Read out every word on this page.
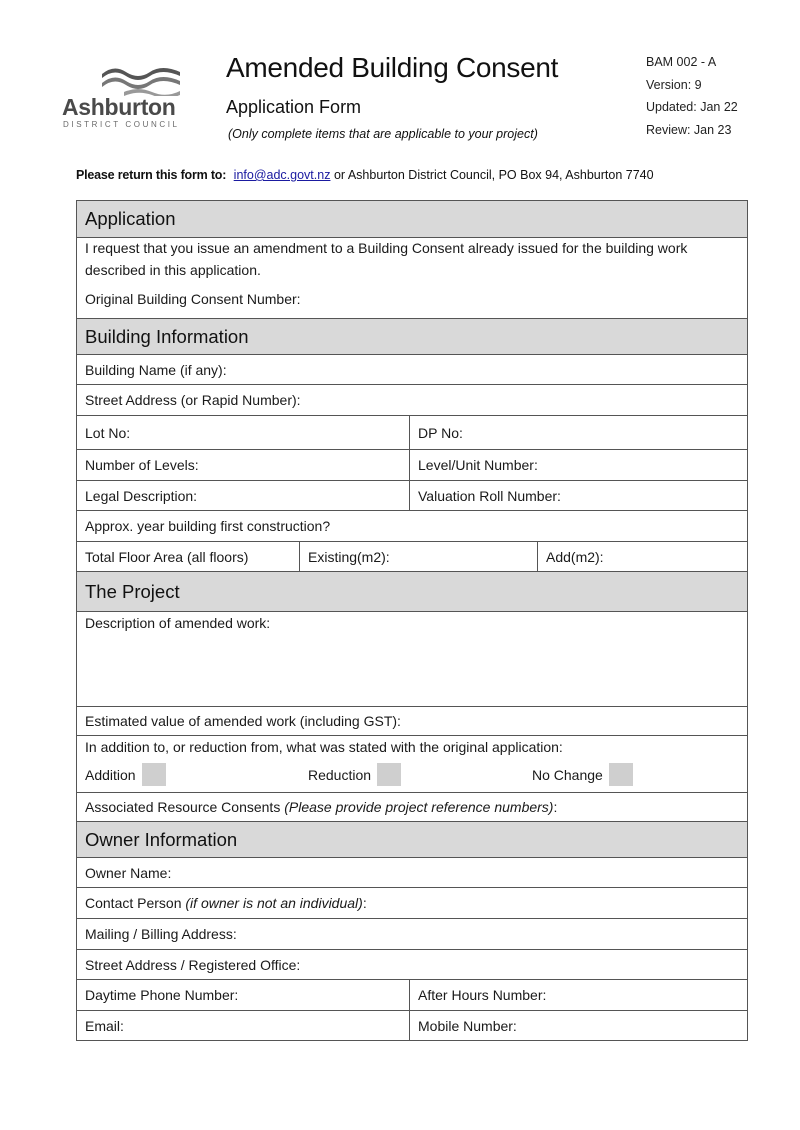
Ashburton
DISTRICT COUNCIL
Amended Building Consent
Application Form
(Only complete items that are applicable to your project)
BAM 002 - A
Version: 9
Updated: Jan 22
Review: Jan 23
Please return this form to: info@adc.govt.nz or Ashburton District Council, PO Box 94, Ashburton 7740
Application

I request that you issue an amendment to a Building Consent already issued for the building work described in this application.

Original Building Consent Number:

Building Information
Building Name (if any):
Street Address (or Rapid Number):
Lot No:	DP No:
Number of Levels:	Level/Unit Number:
Legal Description:	Valuation Roll Number:
Approx. year building first construction?
Total Floor Area (all floors)	Existing(m2):	Add(m2):
The Project
Description of amended work:
Estimated value of amended work (including GST):
In addition to, or reduction from, what was stated with the original application:
Addition	Reduction	No Change
Associated Resource Consents
(Please provide project reference numbers) :
Owner Information
Owner Name:
Contact Person
(if owner is not an individual) :
Mailing / Billing Address:
Street Address / Registered Office:
Daytime Phone Number:	After Hours Number:
Email:	Mobile Number:
